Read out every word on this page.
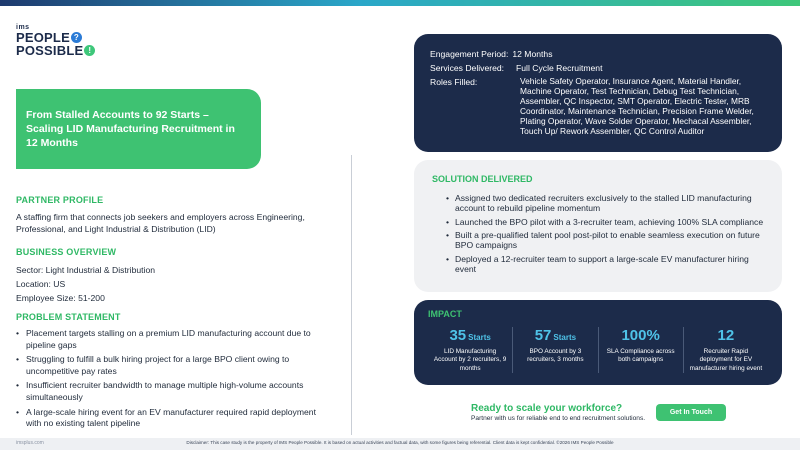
ims
PEOPLE ?
POSSIBLE !
From Stalled Accounts to 92 Starts – Scaling LID Manufacturing Recruitment in 12 Months
PARTNER PROFILE
A staffing firm that connects job seekers and employers across Engineering, Professional, and Light Industrial & Distribution (LID)
BUSINESS OVERVIEW
Sector: Light Industrial & Distribution
Location: US
Employee Size: 51-200
PROBLEM STATEMENT
• Placement targets stalling on a premium LID manufacturing account due to pipeline gaps
• Struggling to fulfill a bulk hiring project for a large BPO client owing to uncompetitive pay rates
• Insufficient recruiter bandwidth to manage multiple high-volume accounts simultaneously
• A large-scale hiring event for an EV manufacturer required rapid deployment with no existing talent pipeline
Engagement Period: 12 Months
Services Delivered: Full Cycle Recruitment
Roles Filled:	Vehicle Safety Operator, Insurance Agent, Material Handler, Machine Operator, Test Technician, Debug Test Technician, Assembler, QC Inspector, SMT Operator, Electric Tester, MRB Coordinator, Maintenance Technician, Precision Frame Welder, Plating Operator, Wave Solder Operator, Mechacal Assembler, Touch Up/ Rework Assembler, QC Control Auditor
SOLUTION DELIVERED
• Assigned two dedicated recruiters exclusively to the stalled LID manufacturing account to rebuild pipeline momentum
• Launched the BPO pilot with a 3-recruiter team, achieving 100% SLA compliance
• Built a pre-qualified talent pool post-pilot to enable seamless execution on future BPO campaigns
• Deployed a 12-recruiter team to support a large-scale EV manufacturer hiring event
IMPACT
35 Starts
LID Manufacturing Account by 2 recruiters, 9 months
57 Starts
BPO Account by 3 recruiters, 3 months
100%
SLA Compliance across both campaigns
12
Recruiter Rapid deployment for EV manufacturer hiring event
Ready to scale your workforce?
Partner with us for reliable end to end recruitment solutions.
Get In Touch
imsplus.com	Disclaimer: This case study is the property of IMS People Possible. It is based on actual activities and factual data, with some figures being referential. Client data is kept confidential. ©2026 IMS People Possible
